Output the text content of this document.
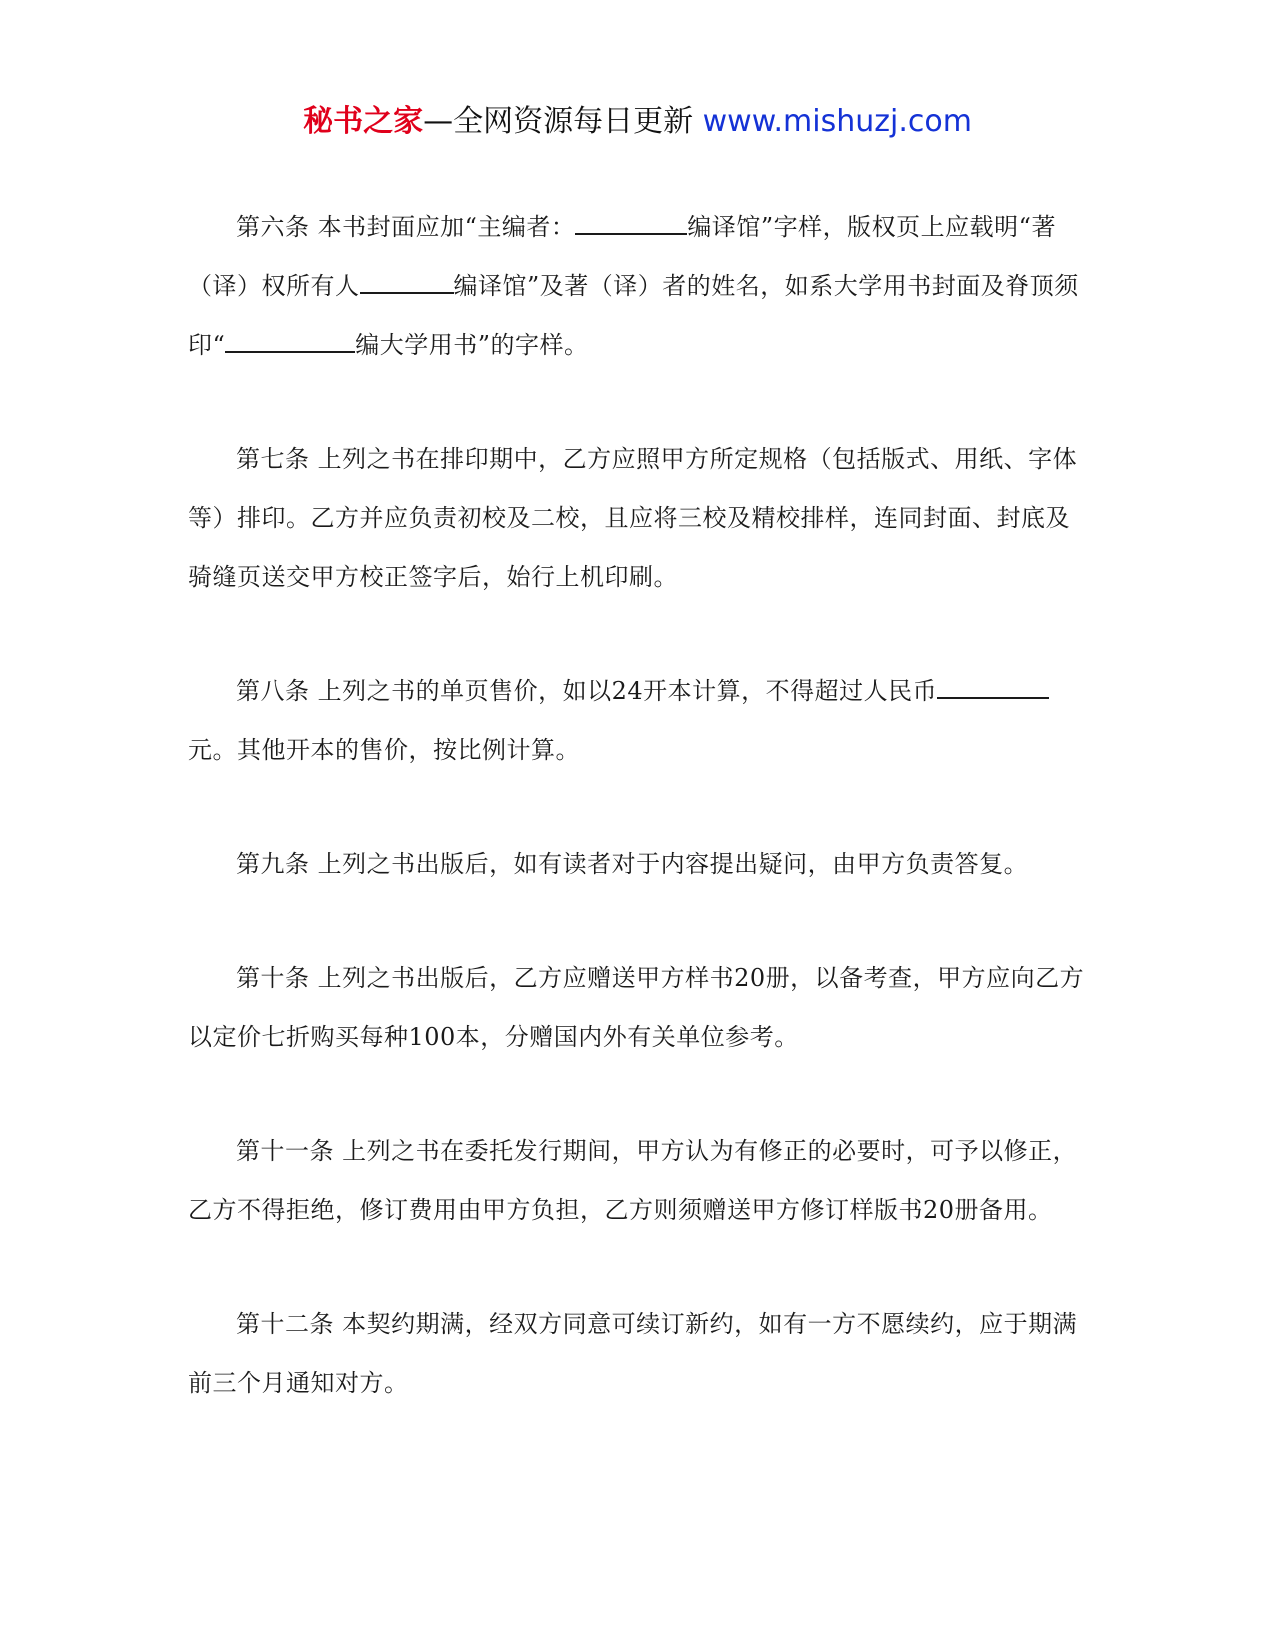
秘书之家—全网资源每日更新 www.mishuzj.com

第六条 本书封面应加“主编者：	编译馆”字样，版权页上应载明“著（译）权所有人	编译馆”及著（译）者的姓名，如系大学用书封面及脊顶须印“	编大学用书”的字样。

第七条 上列之书在排印期中，乙方应照甲方所定规格（包括版式、用纸、字体等）排印。乙方并应负责初校及二校，且应将三校及精校排样，连同封面、封底及骑缝页送交甲方校正签字后，始行上机印刷。

第八条 上列之书的单页售价，如以24开本计算，不得超过人民币元。其他开本的售价，按比例计算。

第九条 上列之书出版后，如有读者对于内容提出疑问，由甲方负责答复。

第十条 上列之书出版后，乙方应赠送甲方样书20册，以备考查，甲方应向乙方以定价七折购买每种100本，分赠国内外有关单位参考。

第十一条 上列之书在委托发行期间，甲方认为有修正的必要时，可予以修正，乙方不得拒绝，修订费用由甲方负担，乙方则须赠送甲方修订样版书20册备用。

第十二条 本契约期满，经双方同意可续订新约，如有一方不愿续约，应于期满前三个月通知对方。
